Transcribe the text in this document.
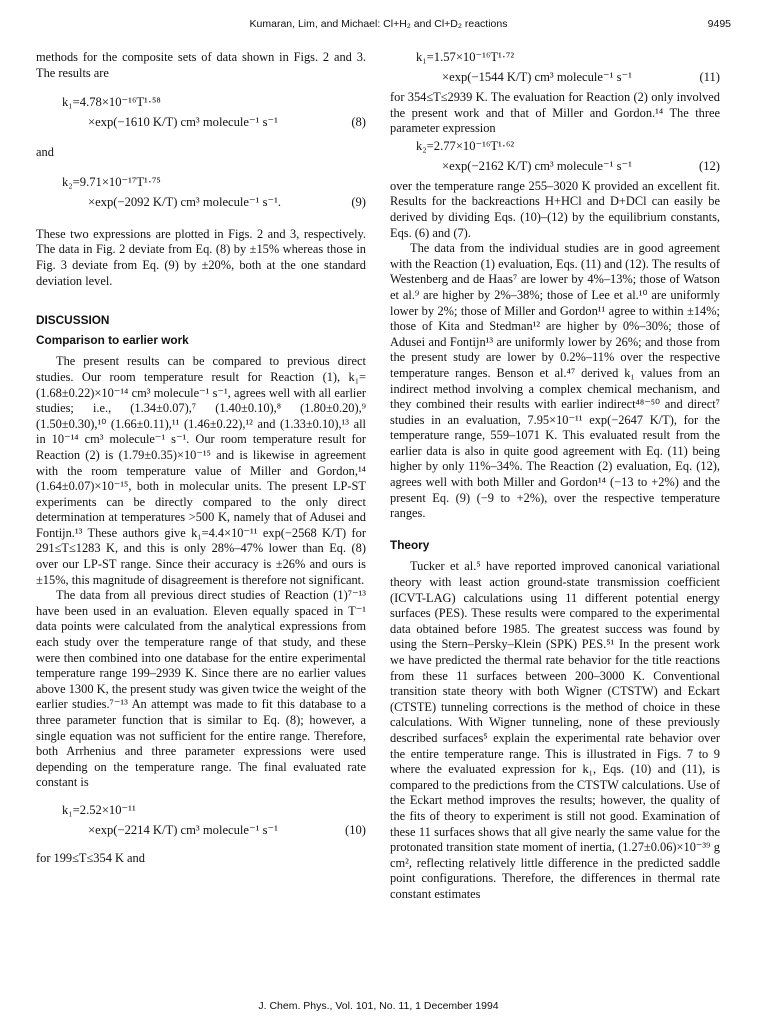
Kumaran, Lim, and Michael: Cl+H₂ and Cl+D₂ reactions	9495

methods for the composite sets of data shown in Figs. 2 and 3. The results are

k₁=4.78×10⁻¹⁶T¹·⁵⁸
×exp(−1610 K/T) cm³ molecule⁻¹ s⁻¹	(8)

and

k₂=9.71×10⁻¹⁷T¹·⁷⁵
×exp(−2092 K/T) cm³ molecule⁻¹ s⁻¹.	(9)

These two expressions are plotted in Figs. 2 and 3, respectively. The data in Fig. 2 deviate from Eq. (8) by ±15% whereas those in Fig. 3 deviate from Eq. (9) by ±20%, both at the one standard deviation level.

DISCUSSION
Comparison to earlier work

The present results can be compared to previous direct studies. Our room temperature result for Reaction (1), k₁=(1.68±0.22)×10⁻¹⁴ cm³ molecule⁻¹ s⁻¹, agrees well with all earlier studies; i.e., (1.34±0.07),⁷ (1.40±0.10),⁸ (1.80±0.20),⁹ (1.50±0.30),¹⁰ (1.66±0.11),¹¹ (1.46±0.22),¹² and (1.33±0.10),¹³ all in 10⁻¹⁴ cm³ molecule⁻¹ s⁻¹. Our room temperature result for Reaction (2) is (1.79±0.35)×10⁻¹⁵ and is likewise in agreement with the room temperature value of Miller and Gordon,¹⁴ (1.64±0.07)×10⁻¹⁵, both in molecular units. The present LP-ST experiments can be directly compared to the only direct determination at temperatures >500 K, namely that of Adusei and Fontijn.¹³ These authors give k₁=4.4×10⁻¹¹ exp(−2568 K/T) for 291≤T≤1283 K, and this is only 28%–47% lower than Eq. (8) over our LP-ST range. Since their accuracy is ±26% and ours is ±15%, this magnitude of disagreement is therefore not significant.

The data from all previous direct studies of Reaction (1)⁷⁻¹³ have been used in an evaluation. Eleven equally spaced in T⁻¹ data points were calculated from the analytical expressions from each study over the temperature range of that study, and these were then combined into one database for the entire experimental temperature range 199–2939 K. Since there are no earlier values above 1300 K, the present study was given twice the weight of the earlier studies.⁷⁻¹³ An attempt was made to fit this database to a three parameter function that is similar to Eq. (8); however, a single equation was not sufficient for the entire range. Therefore, both Arrhenius and three parameter expressions were used depending on the temperature range. The final evaluated rate constant is

k₁=2.52×10⁻¹¹
×exp(−2214 K/T) cm³ molecule⁻¹ s⁻¹	(10)

for 199≤T≤354 K and

k₁=1.57×10⁻¹⁶T¹·⁷²
×exp(−1544 K/T) cm³ molecule⁻¹ s⁻¹	(11)

for 354≤T≤2939 K. The evaluation for Reaction (2) only involved the present work and that of Miller and Gordon.¹⁴ The three parameter expression

k₂=2.77×10⁻¹⁶T¹·⁶²
×exp(−2162 K/T) cm³ molecule⁻¹ s⁻¹	(12)

over the temperature range 255–3020 K provided an excellent fit. Results for the backreactions H+HCl and D+DCl can easily be derived by dividing Eqs. (10)–(12) by the equilibrium constants, Eqs. (6) and (7).

The data from the individual studies are in good agreement with the Reaction (1) evaluation, Eqs. (11) and (12). The results of Westenberg and de Haas⁷ are lower by 4%–13%; those of Watson et al.⁹ are higher by 2%–38%; those of Lee et al.¹⁰ are uniformly lower by 2%; those of Miller and Gordon¹¹ agree to within ±14%; those of Kita and Stedman¹² are higher by 0%–30%; those of Adusei and Fontijn¹³ are uniformly lower by 26%; and those from the present study are lower by 0.2%–11% over the respective temperature ranges. Benson et al.⁴⁷ derived k₁ values from an indirect method involving a complex chemical mechanism, and they combined their results with earlier indirect⁴⁸⁻⁵⁰ and direct⁷ studies in an evaluation, 7.95×10⁻¹¹ exp(−2647 K/T), for the temperature range, 559–1071 K. This evaluated result from the earlier data is also in quite good agreement with Eq. (11) being higher by only 11%–34%. The Reaction (2) evaluation, Eq. (12), agrees well with both Miller and Gordon¹⁴ (−13 to +2%) and the present Eq. (9) (−9 to +2%), over the respective temperature ranges.

Theory

Tucker et al.⁵ have reported improved canonical variational theory with least action ground-state transmission coefficient (ICVT-LAG) calculations using 11 different potential energy surfaces (PES). These results were compared to the experimental data obtained before 1985. The greatest success was found by using the Stern–Persky–Klein (SPK) PES.⁵¹ In the present work we have predicted the thermal rate behavior for the title reactions from these 11 surfaces between 200–3000 K. Conventional transition state theory with both Wigner (CTSTW) and Eckart (CTSTE) tunneling corrections is the method of choice in these calculations. With Wigner tunneling, none of these previously described surfaces⁵ explain the experimental rate behavior over the entire temperature range. This is illustrated in Figs. 7 to 9 where the evaluated expression for k₁, Eqs. (10) and (11), is compared to the predictions from the CTSTW calculations. Use of the Eckart method improves the results; however, the quality of the fits of theory to experiment is still not good. Examination of these 11 surfaces shows that all give nearly the same value for the protonated transition state moment of inertia, (1.27±0.06)×10⁻³⁹ g cm², reflecting relatively little difference in the predicted saddle point configurations. Therefore, the differences in thermal rate constant estimates

J. Chem. Phys., Vol. 101, No. 11, 1 December 1994
